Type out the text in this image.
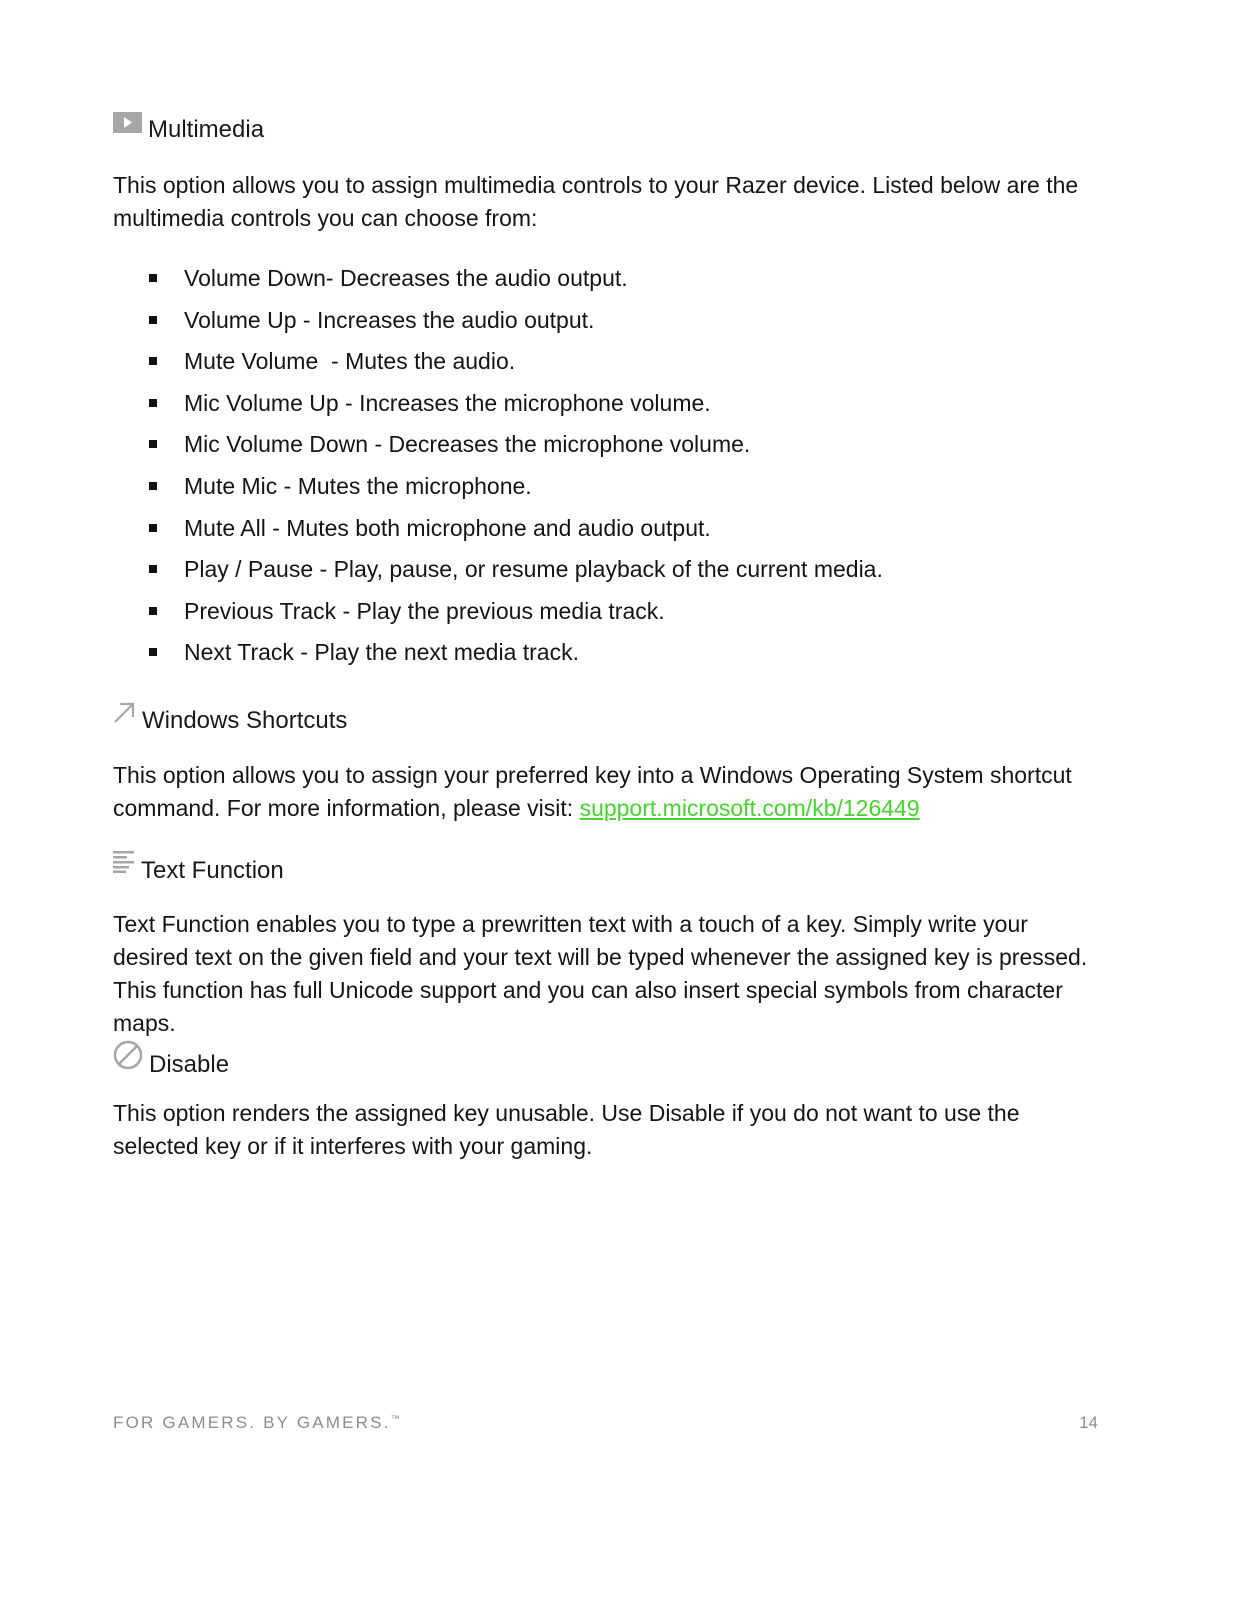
Multimedia

This option allows you to assign multimedia controls to your Razer device. Listed below are the multimedia controls you can choose from:

Volume Down- Decreases the audio output.
Volume Up - Increases the audio output.
Mute Volume  - Mutes the audio.
Mic Volume Up - Increases the microphone volume.
Mic Volume Down - Decreases the microphone volume.
Mute Mic - Mutes the microphone.
Mute All - Mutes both microphone and audio output.
Play / Pause - Play, pause, or resume playback of the current media.
Previous Track - Play the previous media track.
Next Track - Play the next media track.
Windows Shortcuts

This option allows you to assign your preferred key into a Windows Operating System shortcut command. For more information, please visit: support.microsoft.com/kb/126449

Text Function

Text Function enables you to type a prewritten text with a touch of a key. Simply write your desired text on the given field and your text will be typed whenever the assigned key is pressed. This function has full Unicode support and you can also insert special symbols from character maps.

Disable

This option renders the assigned key unusable. Use Disable if you do not want to use the selected key or if it interferes with your gaming.

FOR GAMERS. BY GAMERS.™	14
